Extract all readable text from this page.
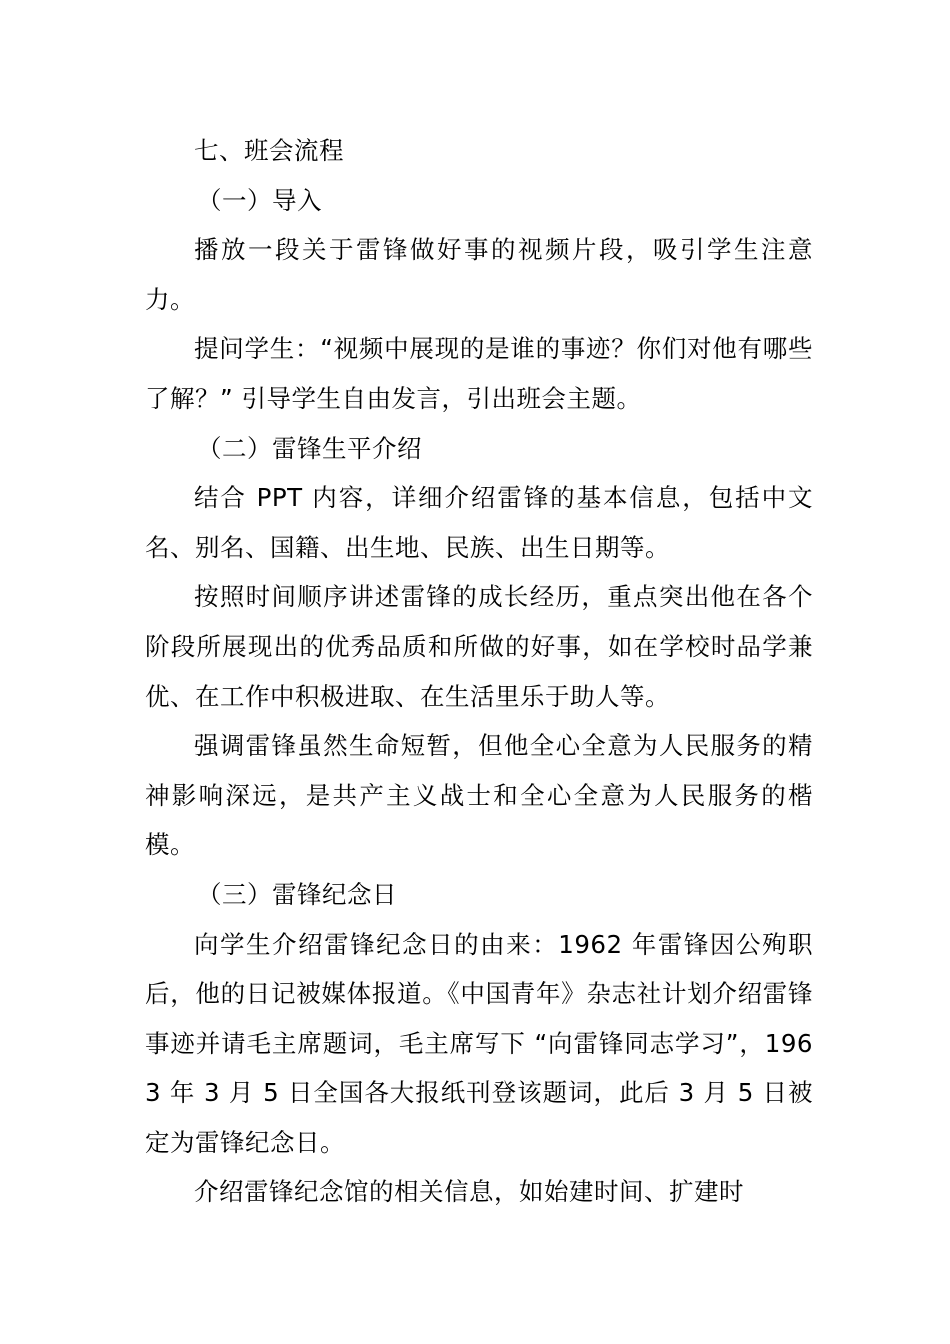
七、班会流程

（一）导入

播放一段关于雷锋做好事的视频片段，吸引学生注意力。

提问学生：“视频中展现的是谁的事迹？你们对他有哪些了解？” 引导学生自由发言，引出班会主题。

（二）雷锋生平介绍

结合 PPT 内容，详细介绍雷锋的基本信息，包括中文名、别名、国籍、出生地、民族、出生日期等。

按照时间顺序讲述雷锋的成长经历，重点突出他在各个阶段所展现出的优秀品质和所做的好事，如在学校时品学兼优、在工作中积极进取、在生活里乐于助人等。

强调雷锋虽然生命短暂，但他全心全意为人民服务的精神影响深远，是共产主义战士和全心全意为人民服务的楷模。

（三）雷锋纪念日

向学生介绍雷锋纪念日的由来：1962 年雷锋因公殉职后，他的日记被媒体报道。《中国青年》杂志社计划介绍雷锋事迹并请毛主席题词，毛主席写下 “向雷锋同志学习”，1963 年 3 月 5 日全国各大报纸刊登该题词，此后 3 月 5 日被定为雷锋纪念日。

介绍雷锋纪念馆的相关信息，如始建时间、扩建时
